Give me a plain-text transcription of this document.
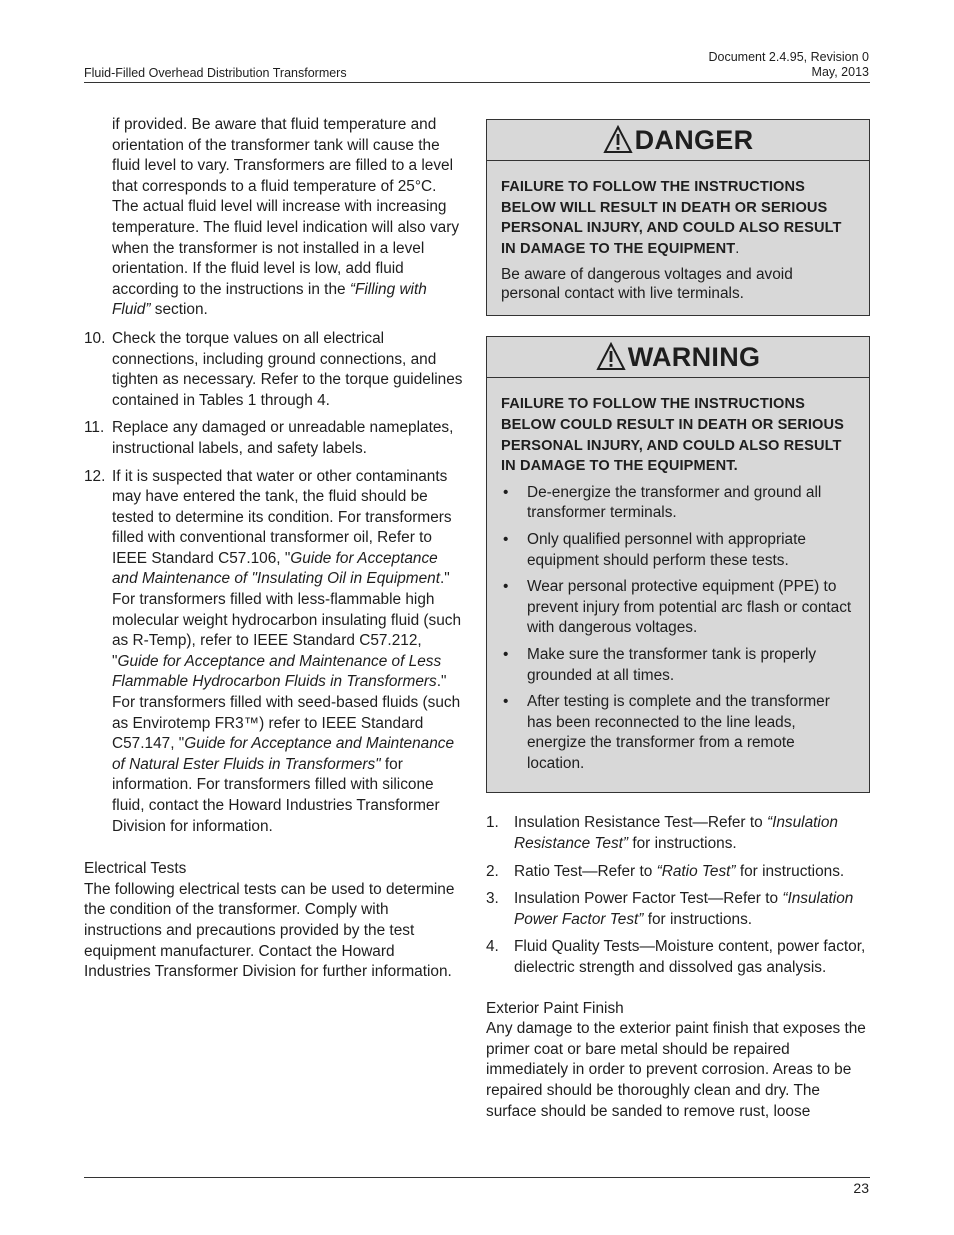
Fluid-Filled Overhead Distribution Transformers
Document 2.4.95, Revision 0
May, 2013

if provided. Be aware that fluid temperature and orientation of the transformer tank will cause the fluid level to vary. Transformers are filled to a level that corresponds to a fluid temperature of 25°C. The actual fluid level will increase with increasing temperature. The fluid level indication will also vary when the transformer is not installed in a level orientation. If the fluid level is low, add fluid according to the instructions in the “Filling with Fluid” section.

10. Check the torque values on all electrical connections, including ground connections, and tighten as necessary. Refer to the torque guidelines contained in Tables 1 through 4.
11. Replace any damaged or unreadable nameplates, instructional labels, and safety labels.
12. If it is suspected that water or other contaminants may have entered the tank, the fluid should be tested to determine its condition. For transformers filled with conventional transformer oil, Refer to IEEE Standard C57.106, "Guide for Acceptance and Maintenance of "Insulating Oil in Equipment." For transformers filled with less-flammable high molecular weight hydrocarbon insulating fluid (such as R-Temp), refer to IEEE Standard C57.212, "Guide for Acceptance and Maintenance of Less Flammable Hydrocarbon Fluids in Transformers." For transformers filled with seed-based fluids (such as Envirotemp FR3™) refer to IEEE Standard C57.147, "Guide for Acceptance and Maintenance of Natural Ester Fluids in Transformers" for information. For transformers filled with silicone fluid, contact the Howard Industries Transformer Division for information.
Electrical Tests

The following electrical tests can be used to determine the condition of the transformer. Comply with instructions and precautions provided by the test equipment manufacturer. Contact the Howard Industries Transformer Division for further information.

DANGER

FAILURE TO FOLLOW THE INSTRUCTIONS BELOW WILL RESULT IN DEATH OR SERIOUS PERSONAL INJURY, AND COULD ALSO RESULT IN DAMAGE TO THE EQUIPMENT.

Be aware of dangerous voltages and avoid personal contact with live terminals.

WARNING

FAILURE TO FOLLOW THE INSTRUCTIONS BELOW COULD RESULT IN DEATH OR SERIOUS PERSONAL INJURY, AND COULD ALSO RESULT IN DAMAGE TO THE EQUIPMENT.

•	De-energize the transformer and ground all transformer terminals.
•	Only qualified personnel with appropriate equipment should perform these tests.
•	Wear personal protective equipment (PPE) to prevent injury from potential arc flash or contact with dangerous voltages.
•	Make sure the transformer tank is properly grounded at all times.
•	After testing is complete and the transformer has been reconnected to the line leads, energize the transformer from a remote location.
1. Insulation Resistance Test—Refer to “Insulation Resistance Test” for instructions.
2. Ratio Test—Refer to “Ratio Test” for instructions.
3. Insulation Power Factor Test—Refer to “Insulation Power Factor Test” for instructions.
4. Fluid Quality Tests—Moisture content, power factor, dielectric strength and dissolved gas analysis.
Exterior Paint Finish

Any damage to the exterior paint finish that exposes the primer coat or bare metal should be repaired immediately in order to prevent corrosion. Areas to be repaired should be thoroughly clean and dry. The surface should be sanded to remove rust, loose

23
